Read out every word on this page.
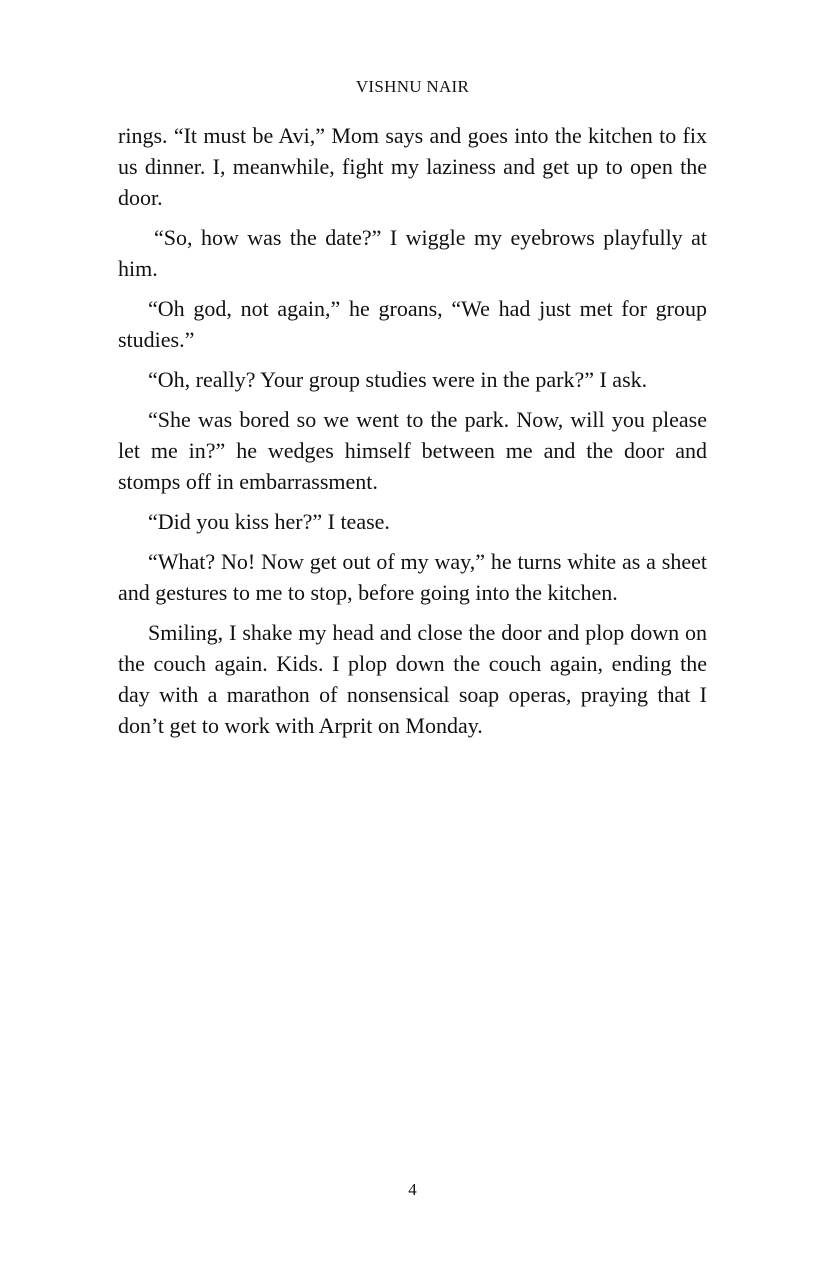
VISHNU NAIR

rings. “It must be Avi,” Mom says and goes into the kitchen to fix us dinner. I, meanwhile, fight my laziness and get up to open the door.

“So, how was the date?” I wiggle my eyebrows playfully at him.

“Oh god, not again,” he groans, “We had just met for group studies.”

“Oh, really? Your group studies were in the park?” I ask.

“She was bored so we went to the park. Now, will you please let me in?” he wedges himself between me and the door and stomps off in embarrassment.

“Did you kiss her?” I tease.

“What? No! Now get out of my way,” he turns white as a sheet and gestures to me to stop, before going into the kitchen.

Smiling, I shake my head and close the door and plop down on the couch again. Kids. I plop down the couch again, ending the day with a marathon of nonsensical soap operas, praying that I don’t get to work with Arprit on Monday.

4
